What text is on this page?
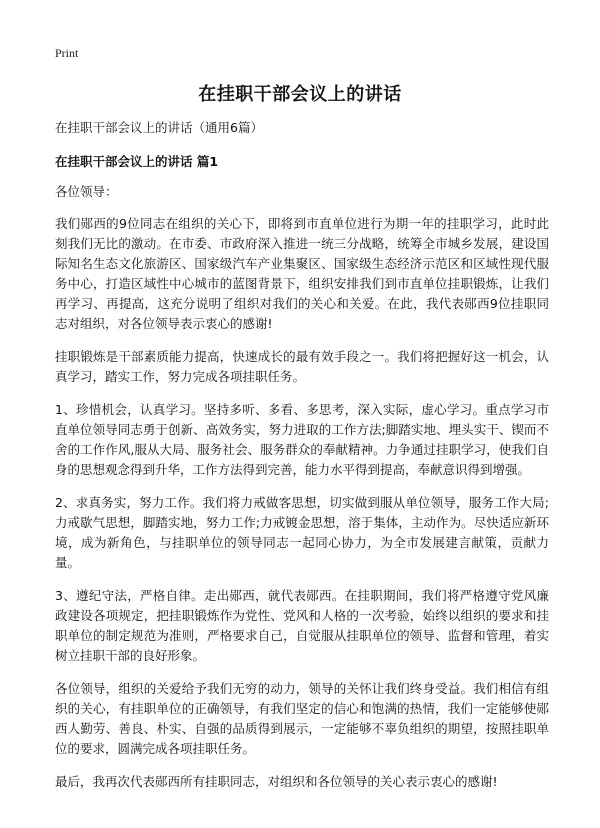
Print
在挂职干部会议上的讲话

在挂职干部会议上的讲话（通用6篇）

在挂职干部会议上的讲话 篇1

各位领导：

我们郧西的9位同志在组织的关心下，即将到市直单位进行为期一年的挂职学习，此时此刻我们无比的激动。在市委、市政府深入推进一统三分战略，统筹全市城乡发展，建设国际知名生态文化旅游区、国家级汽车产业集聚区、国家级生态经济示范区和区域性现代服务中心，打造区域性中心城市的蓝图背景下，组织安排我们到市直单位挂职锻炼，让我们再学习、再提高，这充分说明了组织对我们的关心和关爱。在此，我代表郧西9位挂职同志对组织，对各位领导表示衷心的感谢!

挂职锻炼是干部素质能力提高，快速成长的最有效手段之一。我们将把握好这一机会，认真学习，踏实工作，努力完成各项挂职任务。

1、珍惜机会，认真学习。坚持多听、多看、多思考，深入实际，虚心学习。重点学习市直单位领导同志勇于创新、高效务实，努力进取的工作方法;脚踏实地、埋头实干、锲而不舍的工作作风,服从大局、服务社会、服务群众的奉献精神。力争通过挂职学习，使我们自身的思想观念得到升华，工作方法得到完善，能力水平得到提高，奉献意识得到增强。

2、求真务实，努力工作。我们将力戒做客思想，切实做到服从单位领导，服务工作大局;力戒歇气思想，脚踏实地，努力工作;力戒镀金思想，溶于集体，主动作为。尽快适应新环境，成为新角色，与挂职单位的领导同志一起同心协力，为全市发展建言献策，贡献力量。

3、遵纪守法，严格自律。走出郧西，就代表郧西。在挂职期间，我们将严格遵守党风廉政建设各项规定，把挂职锻炼作为党性、党风和人格的一次考验，始终以组织的要求和挂职单位的制定规范为准则，严格要求自己，自觉服从挂职单位的领导、监督和管理，着实树立挂职干部的良好形象。

各位领导，组织的关爱给予我们无穷的动力，领导的关怀让我们终身受益。我们相信有组织的关心，有挂职单位的正确领导，有我们坚定的信心和饱满的热情，我们一定能够使郧西人勤劳、善良、朴实、自强的品质得到展示，一定能够不辜负组织的期望，按照挂职单位的要求，圆满完成各项挂职任务。

最后，我再次代表郧西所有挂职同志，对组织和各位领导的关心表示衷心的感谢!
